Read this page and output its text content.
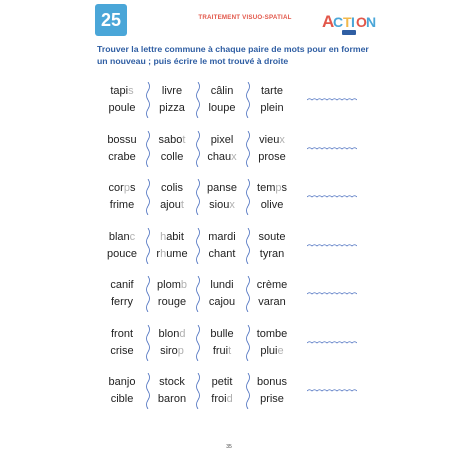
25	TRAITEMENT VISUO-SPATIAL	A
C T I O N
Trouver la lettre commune à chaque paire de mots pour en former un nouveau ; puis écrire le mot trouvé à droite
tapis	livre	câlin	tarte
poule	pizza	loupe	plein
bossu	sabot	pixel	vieux
crabe	colle	chaux	prose
corps	colis	panse	temps
frime	ajout	sioux	olive
blanc	habit	mardi	soute
pouce	rhume	chant	tyran
canif	plomb	lundi	crème
ferry	rouge	cajou	varan
front	blond	bulle	tombe
crise	sirop	fruit	pluie
banjo	stock	petit	bonus
cible	baron	froid	prise
35
